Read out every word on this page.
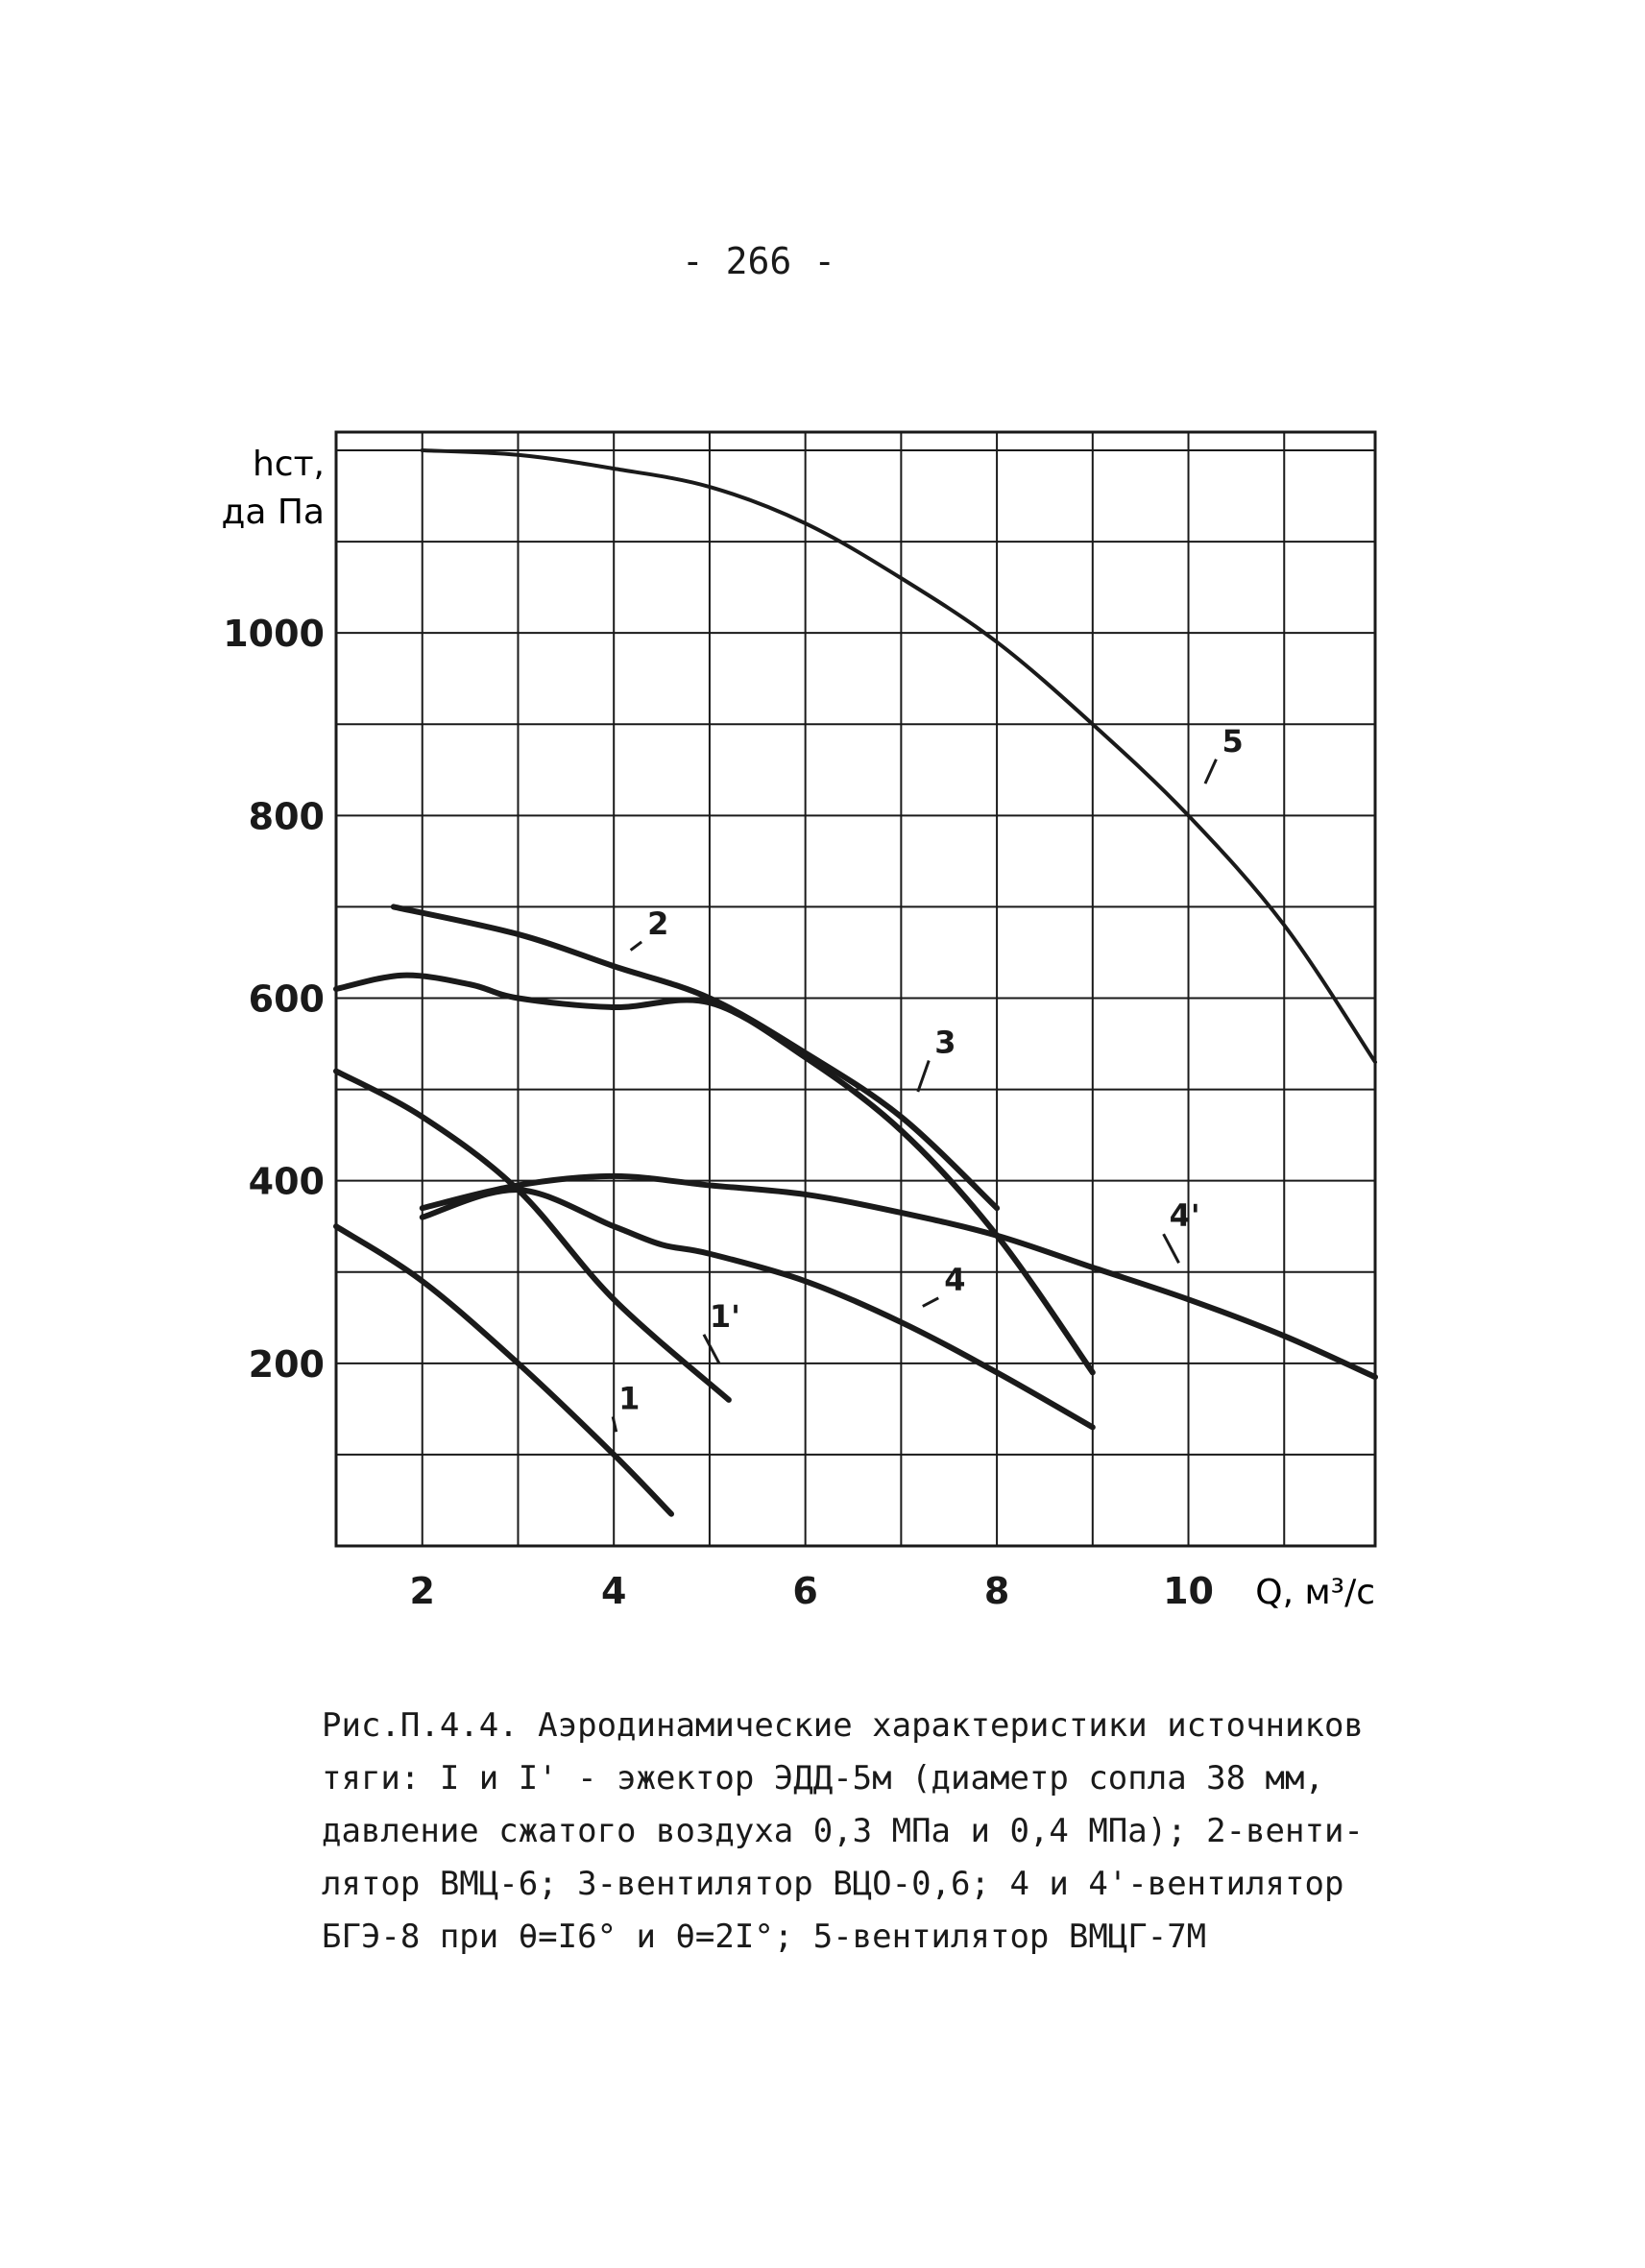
- 266 -
1
1'
2
3
4
4'
5
2	4	6	8	10
200
400
600
800
1000
hст,
да Па
Q, м³/с
Рис.П.4.4. Аэродинамические характеристики источников
тяги: I и I' - эжектор ЭДД-5м (диаметр сопла 38 мм,
давление сжатого воздуха 0,3 МПа и 0,4 МПа); 2-венти-
лятор ВМЦ-6; 3-вентилятор ВЦО-0,6; 4 и 4'-вентилятор
БГЭ-8 при θ=I6° и θ=2I°; 5-вентилятор ВМЦГ-7М
